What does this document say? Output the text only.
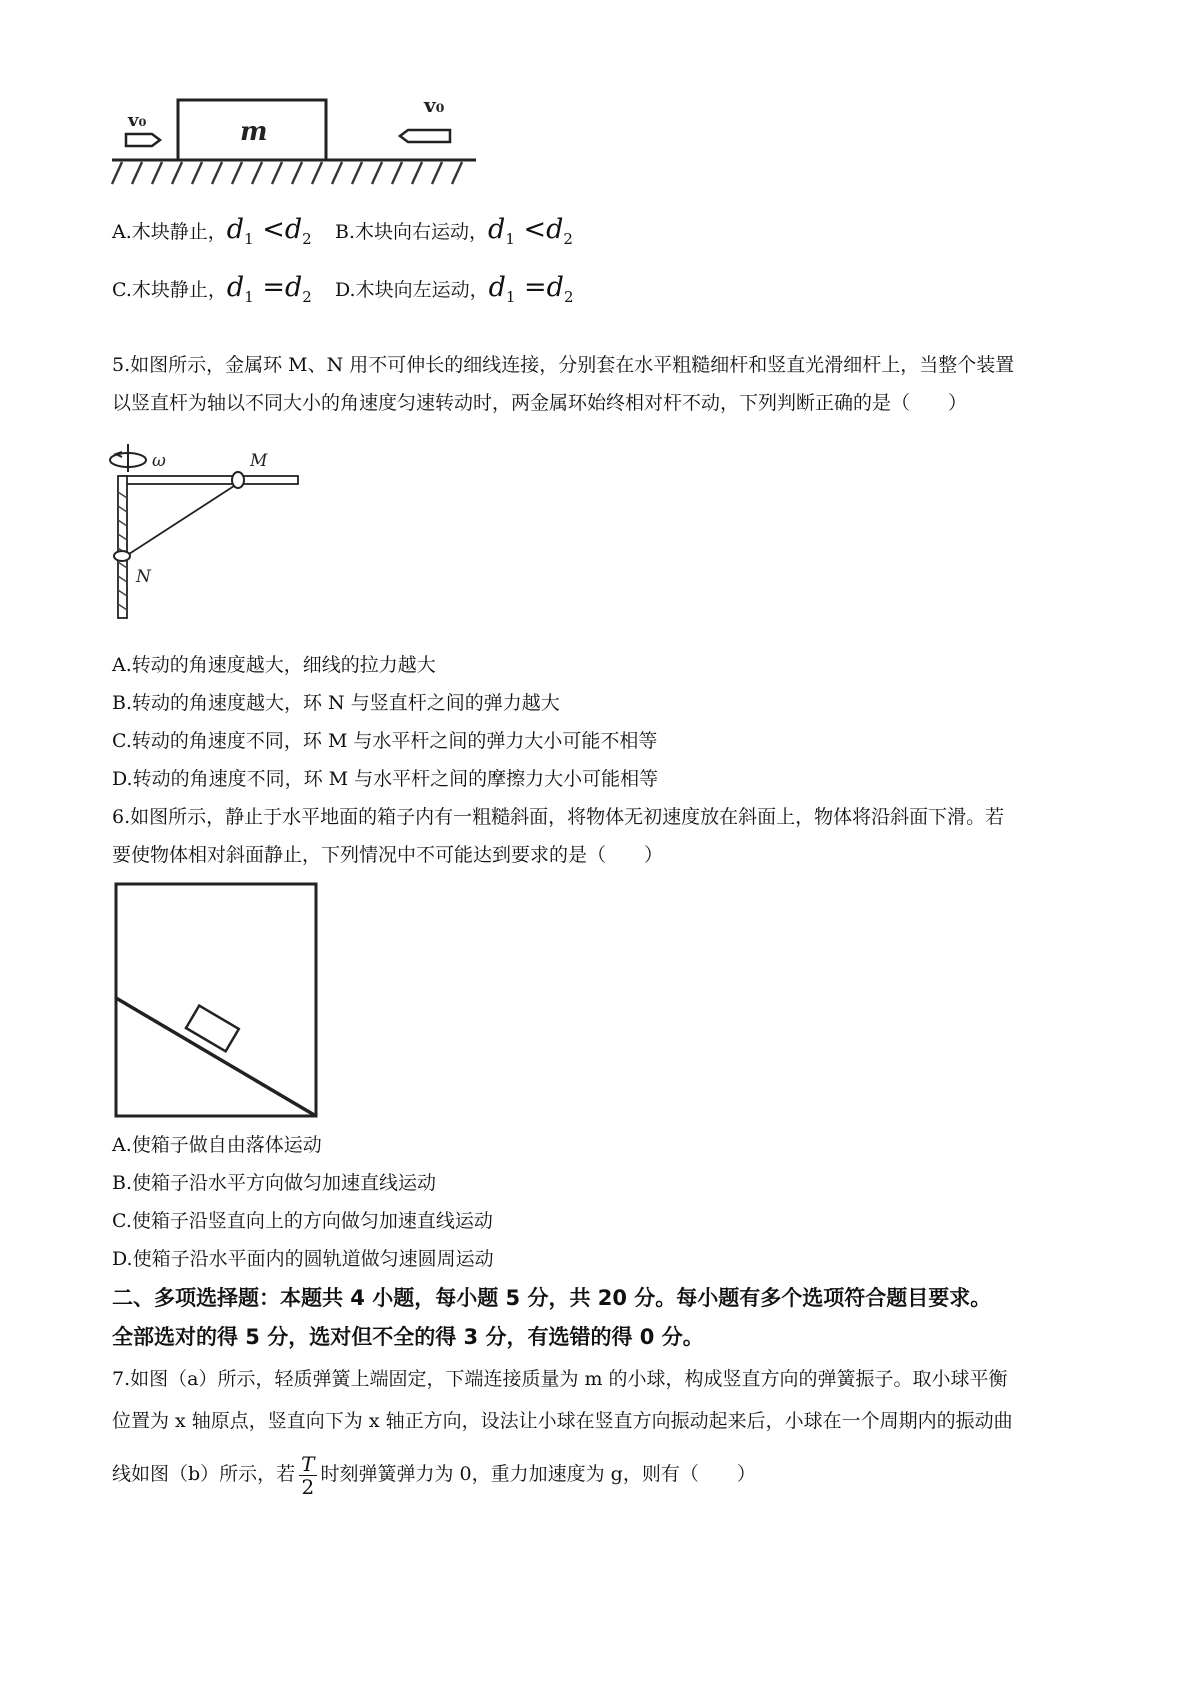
m
v₀
v₀
A.木块静止，$d_1 <d_2$ B.木块向右运动，$d_1 <d_2$
C.木块静止，$d_1 =d_2$ D.木块向左运动，$d_1 =d_2$
5.如图所示，金属环 M、N 用不可伸长的细线连接，分别套在水平粗糙细杆和竖直光滑细杆上，当整个装置
以竖直杆为轴以不同大小的角速度匀速转动时，两金属环始终相对杆不动，下列判断正确的是（　　）
ω	M
N
A.转动的角速度越大，细线的拉力越大
B.转动的角速度越大，环 N 与竖直杆之间的弹力越大
C.转动的角速度不同，环 M 与水平杆之间的弹力大小可能不相等
D.转动的角速度不同，环 M 与水平杆之间的摩擦力大小可能相等
6.如图所示，静止于水平地面的箱子内有一粗糙斜面，将物体无初速度放在斜面上，物体将沿斜面下滑。若
要使物体相对斜面静止，下列情况中不可能达到要求的是（　　）
A.使箱子做自由落体运动
B.使箱子沿水平方向做匀加速直线运动
C.使箱子沿竖直向上的方向做匀加速直线运动
D.使箱子沿水平面内的圆轨道做匀速圆周运动
二、多项选择题：本题共 4 小题，每小题 5 分，共 20 分。每小题有多个选项符合题目要求。
全部选对的得 5 分，选对但不全的得 3 分，有选错的得 0 分。
7.如图（a）所示，轻质弹簧上端固定，下端连接质量为 m 的小球，构成竖直方向的弹簧振子。取小球平衡
位置为 x 轴原点，竖直向下为 x 轴正方向，设法让小球在竖直方向振动起来后，小球在一个周期内的振动曲
线如图（b）所示，若 $\frac{T}{2}$ 时刻弹簧弹力为 0，重力加速度为 g，则有（　　）
